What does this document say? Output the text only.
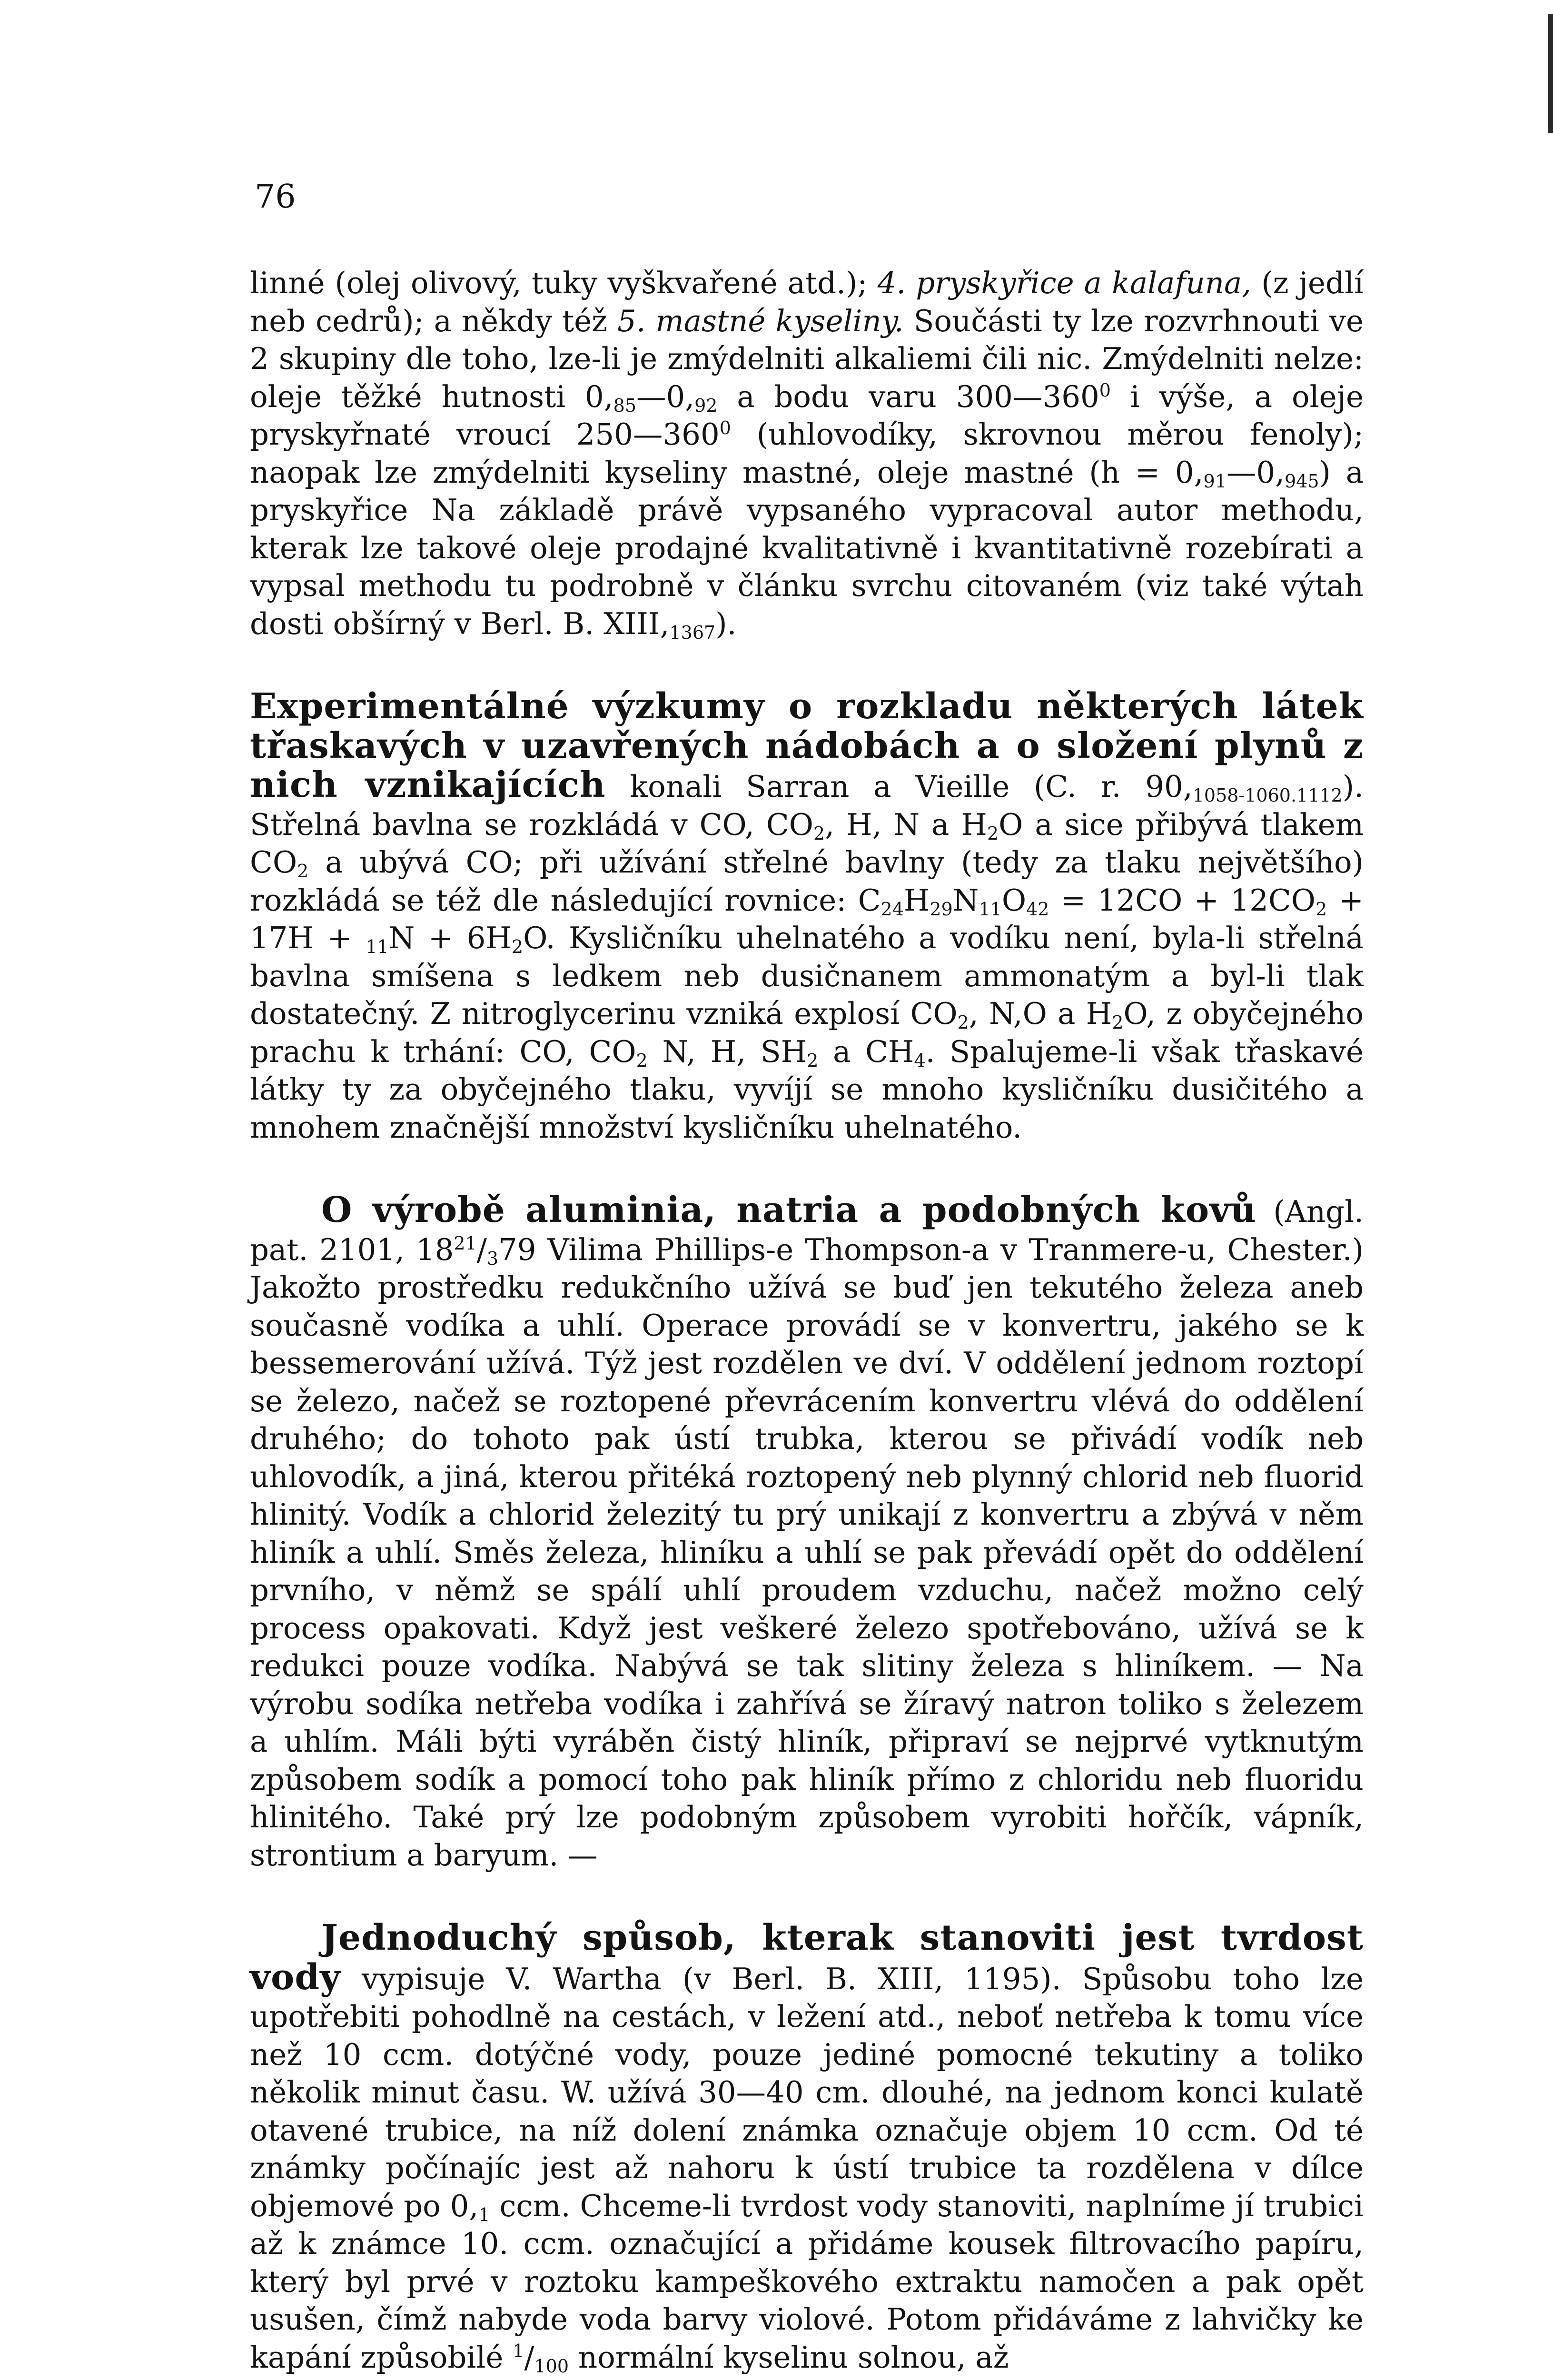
76

linné (olej olivový, tuky vyškvařené atd.); 4. pryskyřice a kalafuna, (z jedlí neb cedrů); a někdy též 5. mastné kyseliny. Součásti ty lze rozvrhnouti ve 2 skupiny dle toho, lze-li je zmýdelniti alkaliemi čili nic. Zmýdelniti nelze: oleje těžké hutnosti $0,_{85}—0,_{92}$ a bodu varu $300—360^0$ i výše, a oleje pryskyřnaté vroucí $250—360^0$ (uhlovodíky, skrovnou měrou fenoly); naopak lze zmýdelniti kyseliny mastné, oleje mastné $(h = 0,_{91}—0,_{945})$ a pryskyřice Na základě právě vypsaného vypracoval autor methodu, kterak lze takové oleje prodajné kvalitativně i kvantitativně rozebírati a vypsal methodu tu podrobně v článku svrchu citovaném (viz také výtah dosti obšírný v Berl. B. $XIII,_{1367}$).

Experimentálné výzkumy o rozkladu některých látek třaskavých v uzavřených nádobách a o složení plynů z nich vznikajících konali Sarran a Vieille (C. r. $90,_{1058-1060.1112}$). Střelná bavlna se rozkládá v CO, $CO_2$, H, N a $H_2O$ a sice přibývá tlakem $CO_2$ a ubývá CO; při užívání střelné bavlny (tedy za tlaku největšího) rozkládá se též dle následující rovnice: $C_{24}H_{29}N_{11}O_{42} = 12CO + 12CO_2 + 17H + _{11}N + 6H_2O$. Kysličníku uhelnatého a vodíku není, byla-li střelná bavlna smíšena s ledkem neb dusičnanem ammonatým a byl-li tlak dostatečný. Z nitroglycerinu vzniká explosí $CO_2$, N,O a $H_2O$, z obyčejného prachu k trhání: CO, $CO_2$ N, H, $SH_2$ a $CH_4$. Spalujeme-li však třaskavé látky ty za obyčejného tlaku, vyvíjí se mnoho kysličníku dusičitého a mnohem značnější množství kysličníku uhelnatého.

O výrobě aluminia, natria a podobných kovů (Angl. pat. 2101, $18^{21}/_379$ Vilima Phillips-e Thompson-a v Tranmere-u, Chester.) Jakožto prostředku redukčního užívá se buď jen tekutého železa aneb současně vodíka a uhlí. Operace provádí se v konvertru, jakého se k bessemerování užívá. Týž jest rozdělen ve dví. V oddělení jednom roztopí se železo, načež se roztopené převrácením konvertru vlévá do oddělení druhého; do tohoto pak ústí trubka, kterou se přivádí vodík neb uhlovodík, a jiná, kterou přitéká roztopený neb plynný chlorid neb fluorid hlinitý. Vodík a chlorid železitý tu prý unikají z konvertru a zbývá v něm hliník a uhlí. Směs železa, hliníku a uhlí se pak převádí opět do oddělení prvního, v němž se spálí uhlí proudem vzduchu, načež možno celý process opakovati. Když jest veškeré železo spotřebováno, užívá se k redukci pouze vodíka. Nabývá se tak slitiny železa s hliníkem. — Na výrobu sodíka netřeba vodíka i zahřívá se žíravý natron toliko s železem a uhlím. Máli býti vyráběn čistý hliník, připraví se nejprvé vytknutým způsobem sodík a pomocí toho pak hliník přímo z chloridu neb fluoridu hlinitého. Také prý lze podobným způsobem vyrobiti hořčík, vápník, strontium a baryum. —

Jednoduchý spůsob, kterak stanoviti jest tvrdost vody vypisuje V. Wartha (v Berl. B. XIII, 1195). Spůsobu toho lze upotřebiti pohodlně na cestách, v ležení atd., neboť netřeba k tomu více než 10 ccm. dotýčné vody, pouze jediné pomocné tekutiny a toliko několik minut času. W. užívá 30—40 cm. dlouhé, na jednom konci kulatě otavené trubice, na níž dolení známka označuje objem 10 ccm. Od té známky počínajíc jest až nahoru k ústí trubice ta rozdělena v dílce objemové po $0,_1$ ccm. Chceme-li tvrdost vody stanoviti, naplníme jí trubici až k známce 10. ccm. označující a přidáme kousek filtrovacího papíru, který byl prvé v roztoku kampeškového extraktu namočen a pak opět usušen, čímž nabyde voda barvy violové. Potom přidáváme z lahvičky ke kapání způsobilé $^1/_{100}$ normální kyselinu solnou, až
